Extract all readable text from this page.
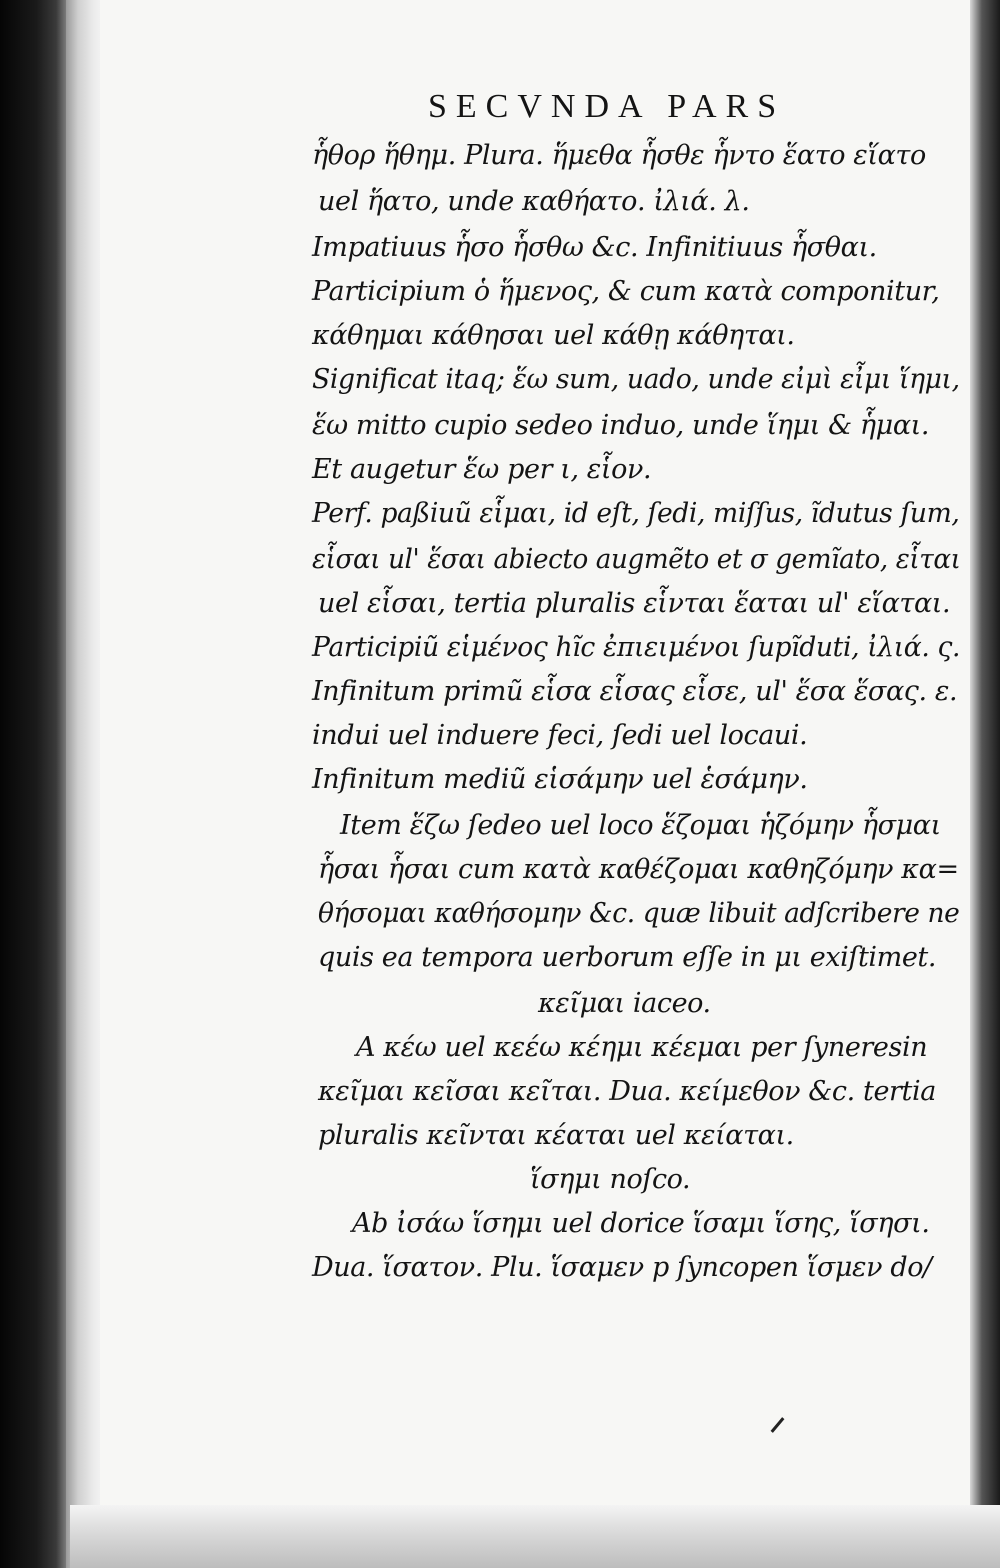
SECVNDA PARS
ἧθορ ἥθημ. Plura. ἥμεθα ἧσθε ἧντο ἕατο εἵατο
uel ἥατο, unde καθήατο. ἰλιά. λ.
Impatiuus ἧσο ἧσθω &c. Infinitiuus ἧσθαι.
Participium ὁ ἥμενος, & cum κατὰ componitur,
κάθημαι κάθησαι uel κάθῃ κάθηται.
Significat itaq; ἕω sum, uado, unde εἰμὶ εἶμι ἵημι,
ἕω mitto cupio sedeo induo, unde ἵημι & ἧμαι.
Et augetur ἕω per ι, εἷον.
Perf. paßiuũ εἷμαι, id eſt, ſedi, miſſus, ĩdutus ſum,
εἷσαι ul' ἕσαι abiecto augmẽto et σ gemĩato, εἷται
uel εἷσαι, tertia pluralis εἷνται ἕαται ul' εἵαται.
Participiũ εἱμένος hĩc ἐπιειμένοι ſupĩduti, ἰλιά. ς.
Infinitum primũ εἷσα εἷσας εἷσε, ul' ἕσα ἕσας. ε.
indui uel induere feci, ſedi uel locaui.
Infinitum mediũ εἱσάμην uel ἑσάμην.
Item ἕζω ſedeo uel loco ἕζομαι ἡζόμην ἧσμαι
ἧσαι ἧσαι cum κατὰ καθέζομαι καθηζόμην κα=
θήσομαι καθήσομην &c. quæ libuit adſcribere ne
quis ea tempora uerborum eſſe in μι exiſtimet.
κεῖμαι iaceo.
A κέω uel κεέω κέημι κέεμαι per ſyneresin
κεῖμαι κεῖσαι κεῖται. Dua. κείμεθον &c. tertia
pluralis κεῖνται κέαται uel κείαται.
ἵσημι noſco.
Ab ἰσάω ἵσημι uel dorice ἵσαμι ἵσης, ἵσησι.
Dua. ἵσατον. Plu. ἵσαμεν p ſyncopen ἵσμεν do/
